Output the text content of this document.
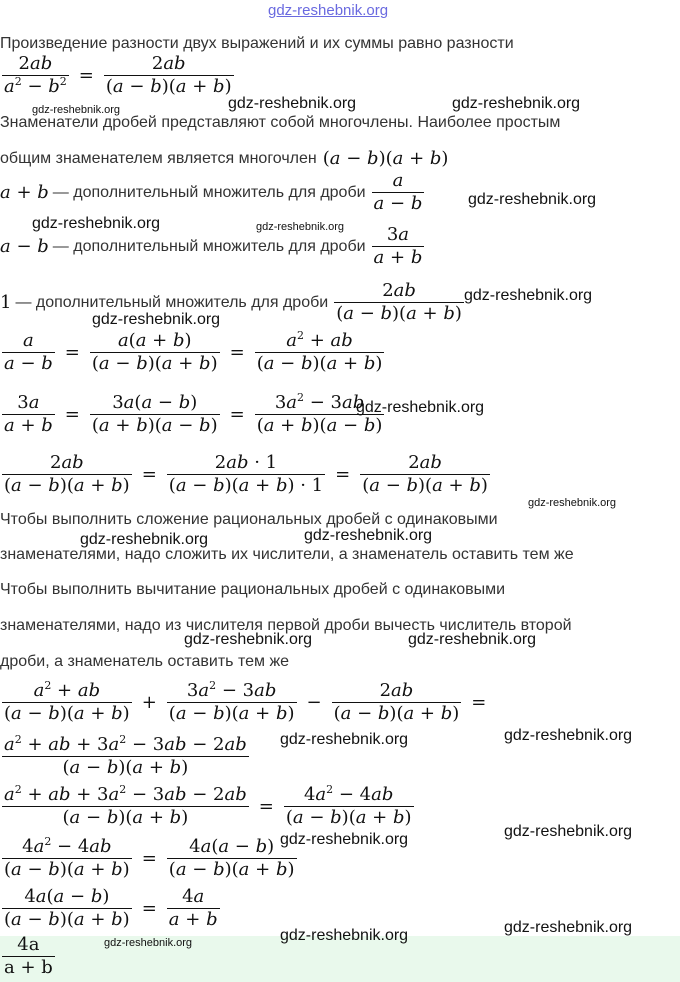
gdz-reshebnik.org
Произведение разности двух выражений и их суммы равно разности
$\frac{2ab}{a^2 - b^2} = \frac{2ab}{(a - b)(a + b)}$
gdz-reshebnik.org	gdz-reshebnik.org	gdz-reshebnik.org
Знаменатели дробей представляют собой многочлены. Наиболее простым
общим знаменателем является многочлен (a − b)(a + b)
a + b — дополнительный множитель для дроби $\frac{a}{a - b}$	gdz-reshebnik.org
gdz-reshebnik.org	gdz-reshebnik.org
a − b — дополнительный множитель для дроби $\frac{3a}{a + b}$
1 — дополнительный множитель для дроби $\frac{2ab}{(a - b)(a + b)}$ gdz-reshebnik.org
gdz-reshebnik.org
$\frac{a}{a - b} = \frac{a(a + b)}{(a - b)(a + b)} = \frac{a^2 + ab}{(a - b)(a + b)}$
$\frac{3a}{a + b} = \frac{3a(a - b)}{(a + b)(a - b)} = \frac{3a^2 - 3ab}{(a + b)(a - b)}$
gdz-reshebnik.org
$\frac{2ab}{(a - b)(a + b)} = \frac{2ab \cdot 1}{(a - b)(a + b) \cdot 1} = \frac{2ab}{(a - b)(a + b)}$
gdz-reshebnik.org
Чтобы выполнить сложение рациональных дробей с одинаковыми
gdz-reshebnik.org	gdz-reshebnik.org
знаменателями, надо сложить их числители, а знаменатель оставить тем же
Чтобы выполнить вычитание рациональных дробей с одинаковыми
знаменателями, надо из числителя первой дроби вычесть числитель второй
gdz-reshebnik.org	gdz-reshebnik.org
дроби, а знаменатель оставить тем же
$\frac{a^2 + ab}{(a - b)(a + b)} + \frac{3a^2 - 3ab}{(a - b)(a + b)} - \frac{2ab}{(a - b)(a + b)}$ =
$\frac{a^2 + ab + 3a^2 - 3ab - 2ab}{(a - b)(a + b)}$ gdz-reshebnik.org	gdz-reshebnik.org
$\frac{a^2 + ab + 3a^2 - 3ab - 2ab}{(a - b)(a + b)} = \frac{4a^2 - 4ab}{(a - b)(a + b)}$
gdz-reshebnik.org
$\frac{4a^2 - 4ab}{(a - b)(a + b)} = \frac{4a(a - b)}{(a - b)(a + b)}$
gdz-reshebnik.org
$\frac{4a(a - b)}{(a - b)(a + b)} = \frac{4a}{a + b}$	gdz-reshebnik.org
gdz-reshebnik.org	gdz-reshebnik.org
$\frac{4a}{a + b}$
